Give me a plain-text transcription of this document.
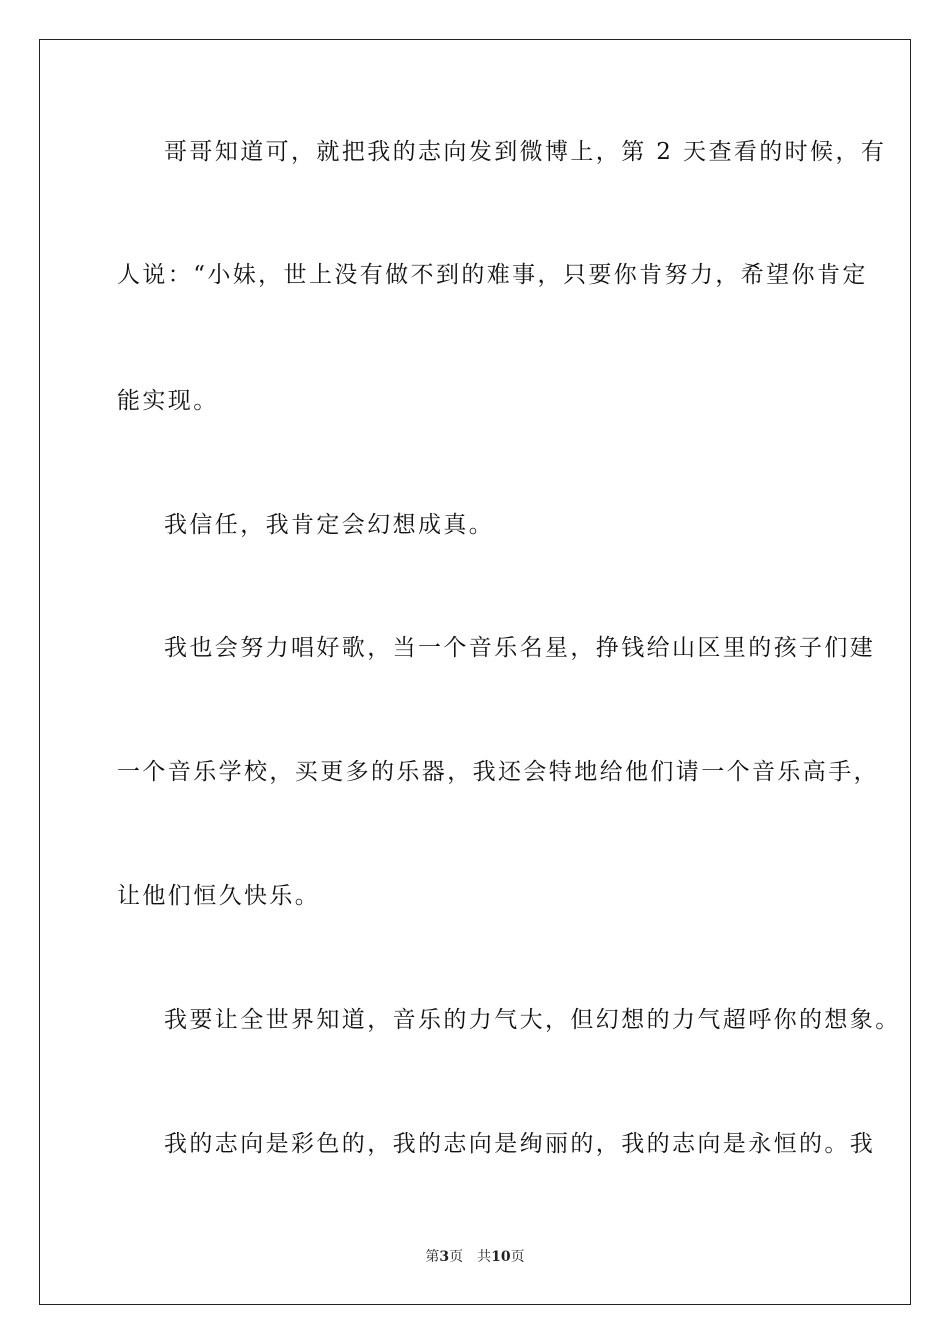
哥哥知道可，就把我的志向发到微博上，第 2 天查看的时候，有
人说：“小妹，世上没有做不到的难事，只要你肯努力，希望你肯定
能实现。
我信任，我肯定会幻想成真。
我也会努力唱好歌，当一个音乐名星，挣钱给山区里的孩子们建
一个音乐学校，买更多的乐器，我还会特地给他们请一个音乐高手，
让他们恒久快乐。
我要让全世界知道，音乐的力气大，但幻想的力气超呼你的想象。
我的志向是彩色的，我的志向是绚丽的，我的志向是永恒的。我
第3页 共10页
